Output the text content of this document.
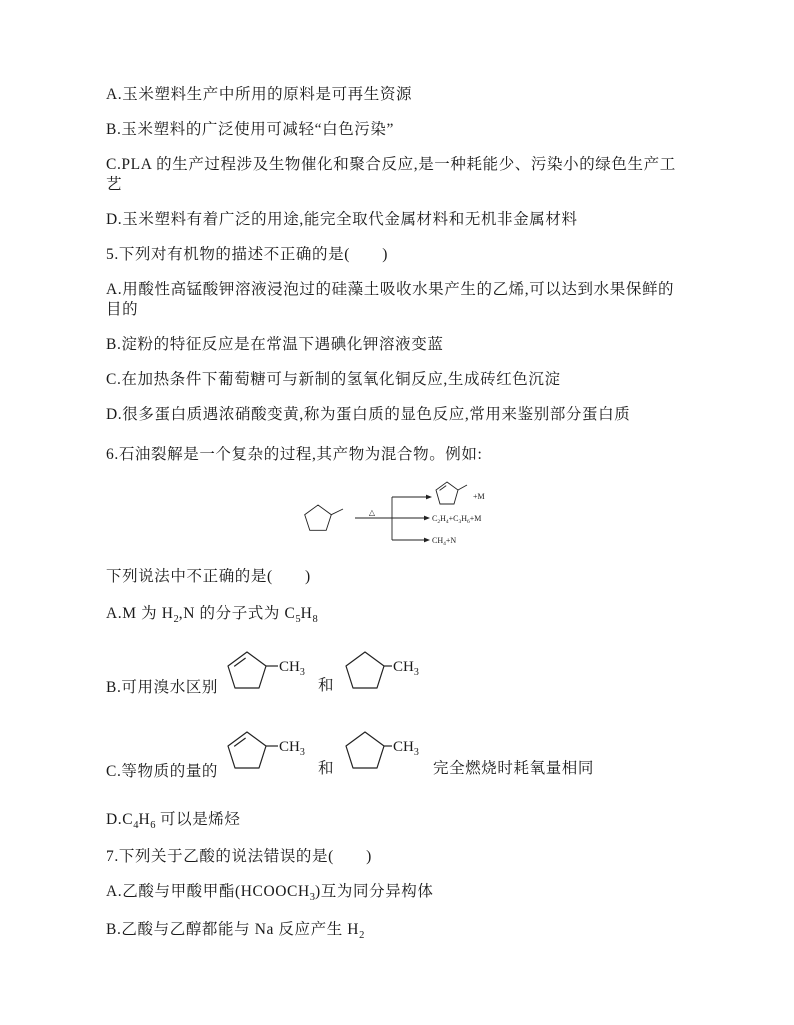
A.玉米塑料生产中所用的原料是可再生资源
B.玉米塑料的广泛使用可减轻“白色污染”
C.PLA 的生产过程涉及生物催化和聚合反应,是一种耗能少、污染小的绿色生产工艺
D.玉米塑料有着广泛的用途,能完全取代金属材料和无机非金属材料
5.下列对有机物的描述不正确的是(　　)
A.用酸性高锰酸钾溶液浸泡过的硅藻土吸收水果产生的乙烯,可以达到水果保鲜的目的
B.淀粉的特征反应是在常温下遇碘化钾溶液变蓝
C.在加热条件下葡萄糖可与新制的氢氧化铜反应,生成砖红色沉淀
D.很多蛋白质遇浓硝酸变黄,称为蛋白质的显色反应,常用来鉴别部分蛋白质
6.石油裂解是一个复杂的过程,其产物为混合物。例如:
△
+M
$C_2H_4+C_3H_6+M$
$CH_4+N$
下列说法中不正确的是(　　)
A.M 为 $H_2,N$ 的分子式为 $C_5H_8$
B.可用溴水区别	和
$CH_3$	$CH_3$
C.等物质的量的	和	完全燃烧时耗氧量相同
$CH_3$	$CH_3$
$D.C_4H_6$ 可以是烯烃
7.下列关于乙酸的说法错误的是(　　)
A.乙酸与甲酸甲酯$(HCOOCH_3)$互为同分异构体
B.乙酸与乙醇都能与 Na 反应产生 $H_2$
